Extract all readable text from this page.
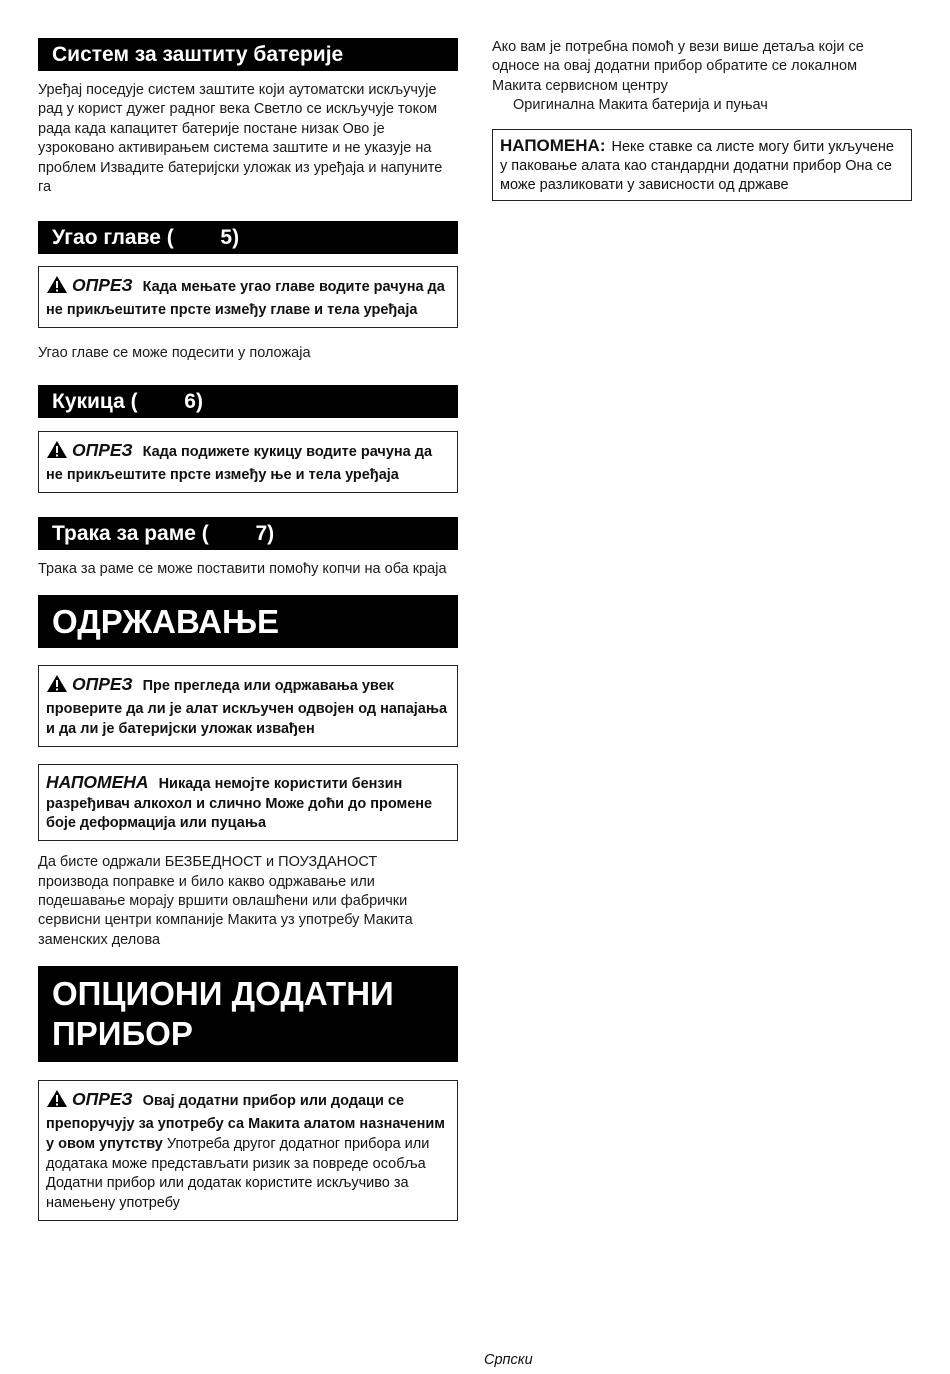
Систем за заштиту батерије

Уређај поседује систем заштите који аутоматски искључује рад у корист дужег радног века Светло се искључује током рада када капацитет батерије постане низак Ово је узроковано активирањем система заштите и не указује на проблем Извадите батеријски уложак из уређаја и напуните га

Угао главе (        5)
ОПРЕЗ Када мењате угао главе водите рачуна да не прикљештите прсте између главе и тела уређаја

Угао главе се може подесити у положаја

Кукица (        6)
ОПРЕЗ Када подижете кукицу водите рачуна да не прикљештите прсте између ње и тела уређаја
Трака за раме (        7)

Трака за раме се може поставити помоћу копчи на оба краја

ОДРЖАВАЊЕ
ОПРЕЗ Пре прегледа или одржавања увек проверите да ли је алат искључен одвојен од напајања и да ли је батеријски уложак извађен
НАПОМЕНА Никада немојте користити бензин разређивач алкохол и слично Може доћи до промене боје деформација или пуцања

Да бисте одржали БЕЗБЕДНОСТ и ПОУЗДАНОСТ производа поправке и било какво одржавање или подешавање морају вршити овлашћени или фабрички сервисни центри компаније Макита уз употребу Макита заменских делова

ОПЦИОНИ ДОДАТНИ ПРИБОР
ОПРЕЗ Овај додатни прибор или додаци се препоручују за употребу са Макита алатом назначеним у овом упутству Употреба другог додатног прибора или додатака може представљати ризик за повреде особља Додатни прибор или додатак користите искључиво за намењену употребу

Ако вам је потребна помоћ у вези више детаља који се односе на овај додатни прибор обратите се локалном Макита сервисном центру

Оригинална Макита батерија и пуњач

НАПОМЕНА: Неке ставке са листе могу бити укључене у паковање алата као стандардни додатни прибор Она се може разликовати у зависности од државе
Српски
